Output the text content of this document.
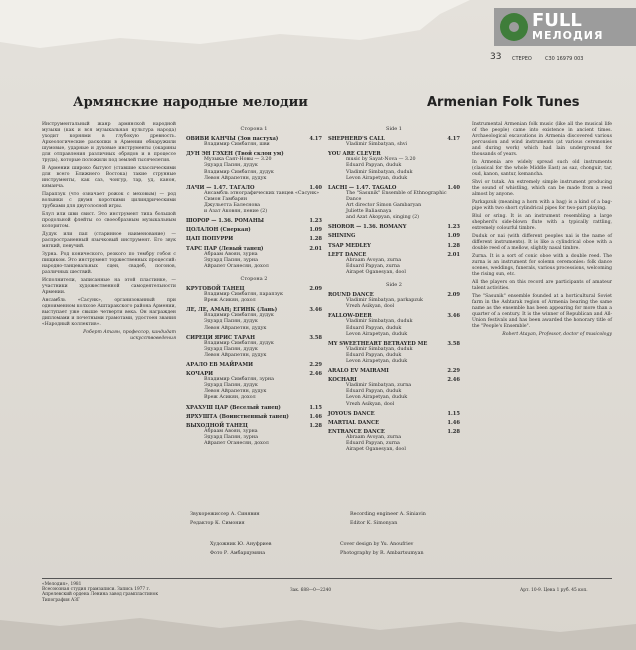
FULL
МЕЛОДИЯ
33 СТЕРЕО	С30 16979 003
Армянские народные мелодии	Armenian Folk Tunes

Инструментальный жанр армянской народной музыки (как и вся музыкальная культура народа) уходит корнями в глубокую древность. Археологические раскопки в Армении обнаружили шумовые, ударные и духовые инструменты (окарины для отправления различных обрядов и в процессе труда), которые положили под землей тысячелетия.

В Армении широко бытуют (ставшие классическими для всего Ближнего Востока) такие струнные инструменты, как саз, чонгур, тар, уд, канон, кяманча.

Парапзук (что означает рожок с меховым) — род волынки с двумя короткими цилиндрическими трубками для двуголосной игры.

Блул или шви свист. Это инструмент типа большой продольной флейты со своеобразным музыкальным колоритом.

Дудук или пап (старинное наименование) — распространенный язычковый инструмент. Его звук мягкий, певучий.

Зурна. Род конического, резкого по тембру гобоя с пищиком. Это инструмент торжественных процессий: народно-танцевальных сцен, свадеб, погонов, различных шествий.

Исполнители, записанные на этой пластинке, — участники художественной самодеятельности Армении.

Ансамбль «Сасунк», организованный при одноименном колхозе Аштаракского района Армении, выступает уже свыше четверти века. Он награжден дипломами и почетными грамотами, удостоен звания «Народный коллектив».

Роберт Атаян, профессор, кандидат искусствоведения

Сторона 1
ОВИВИ КАНЧЫ (Зов пастуха)	4.17
Владимир Симбатян, шви
ДУН ЭН ГЭХЕН (Твой склон ум)
Музыка Саят-Новы — 3.20
Эдуард Папян, дудук
Владимир Симбатян, дудук
Левон Айрапетян, дудук
ЛАЧИ — 1.47. ТАГАЛО	1.40
Ансамбль этнографических танцев «Сасунк»
Симон Гамбарян
Джульетта Балеснова
и Азат Аковян, пение (2)
ШОРОР — 1.36. РОМАНЫ	1.23
ЦОЛАЛОН (Сверкая)	1.09
ЦАП ПОПУРРИ	1.28
ТАРС ПАР (Левый танец)	2.01
Абраам Авоян, зурна
Эдуард Папян, зурна
Айрапет Оганесян, дохол
Сторона 2
КРУГОВОЙ ТАНЕЦ	2.09
Владимир Симбатян, парапзук
Вреж Асикян, дохол
ЛЕ, ЛЕ, АМАН; ЕГИНК (Лань)	3.46
Владимир Симбатян, дудук
Эдуард Папян, дудук
Левон Айрапетян, дудук
СИРЕЦИ ЯРИС ТАРАН	3.58
Владимир Симбатян, дудук
Эдуард Папян, дудук
Левон Айрапетян, дудук
АРАЛО ЕВ МАЙРАМИ	2.29
КОЧАРИ	2.46
Владимир Симбатян, зурна
Эдуард Папян, дудук
Левон Айрапетян, дудук
Вреж Асикян, дохол
ХРАХУШ ЦАР (Веселый танец)	1.15
ЯРХУШТА (Воинственный танец)	1.46
ВЫХОДНОЙ ТАНЕЦ	1.28
Абраам Авоян, зурна
Эдуард Папян, зурна
Айрапет Оганесян, дохол
Side 1
SHEPHERD'S CALL	4.17
Vladimir Simbatyan, shvi
YOU ARE CLEVER
music by Sayat-Nova — 3.20
Eduard Papyan, duduk
Vladimir Simbatyan, duduk
Levon Airapetyan, duduk
LACHI — 1.47. TAGALO	1.40
The "Sasunik" Ensemble of Ethnographic Dance
Art director Simon Gambaryan
Juliette Baliasnaya
and Azat Akopyan, singing (2)
SHOROR — 1.36. ROMANY	1.23
SHINING	1.09
TSAP MEDLEY	1.28
LEFT DANCE	2.01
Abraam Avoyan, zurna
Eduard Papyan, zurna
Airapet Oganesyan, dool
Side 2
ROUND DANCE	2.09
Vladimir Simbatyan, parkapzuk
Vrezh Asikyan, dool
FALLOW-DEER	3.46
Vladimir Simbatyan, duduk
Eduard Papyan, duduk
Levon Airapetyan, duduk
MY SWEETHEART BETRAYED ME	3.58
Vladimir Simbatyan, duduk
Eduard Papyan, duduk
Levon Airapetyan, duduk
ARALO EV MAIRAMI	2.29
KOCHARI	2.46
Vladimir Simbatyan, zurna
Eduard Papyan, duduk
Levon Airapetyan, duduk
Vrezh Asikyan, dool
JOYOUS DANCE	1.15
MARTIAL DANCE	1.46
ENTRANCE DANCE	1.28
Abraam Avoyan, zurna
Eduard Papyan, zurna
Airapet Oganesyan, dool

Instrumental Armenian folk music (like all the musical life of the people) came into existence in ancient times. Archaeological excavations in Armenia discovered various percussion and wind instruments (at various ceremonies and during work) which had lain underground for thousands of years.

In Armenia are widely spread such old instruments (classical for the whole Middle East) as saz, chonguir, tar, oud, kanon, santur, kemancha.

Shvi or tutak. An extremely simple instrument producing the sound of whistling, which can be made from a reed almost by anyone.

Parkapzuk (meaning a horn with a bag) is a kind of a bag-pipe with two short cylindrical pipes for two-part playing.

Blul or sring. It is an instrument resembling a large shepherd's side-blown flute with a typically rattling, extremely colourful timbre.

Duduk or nai (with different peoples nai is the name of different instruments). It is like a cylindrical oboe with a double reed of a mellow, slightly nasal timbre.

Zurna. It is a sort of conic oboe with a double reed. The zurna is an instrument for solemn ceremonies: folk dance scenes, weddings, funerals, various processions, welcoming the rising sun, etc.

All the players on this record are participants of amateur talent activities.

The "Sasunik" ensemble founded at a horticultural Soviet farm in the Ashtarak region of Armenia bearing the same name as the ensemble has been appearing for more than a quarter of a century. It is the winner of Republican and All-Union festivals and has been awarded the honorary title of the "People's Ensemble".

Robert Atayan, Professor, doctor of musicology

Звукорежиссер А. Синявин
Редактор К. Симония
Художник Ю. Ануфриев
Фото Р. Амбарцумяна
Recording engineer A. Siniavin
Editor K. Simonyan
Cover design by Yu. Anoufriev
Photography by R. Ambartsumyan
«Мелодия», 1981
Всесоюзная студия грамзаписи. Запись 1977 г.
Апрелевский ордена Ленина завод грампластинок
Типография АЗГ
Зак. 688—0—2240	Арт. 10-9. Цена 1 руб. 45 коп.
